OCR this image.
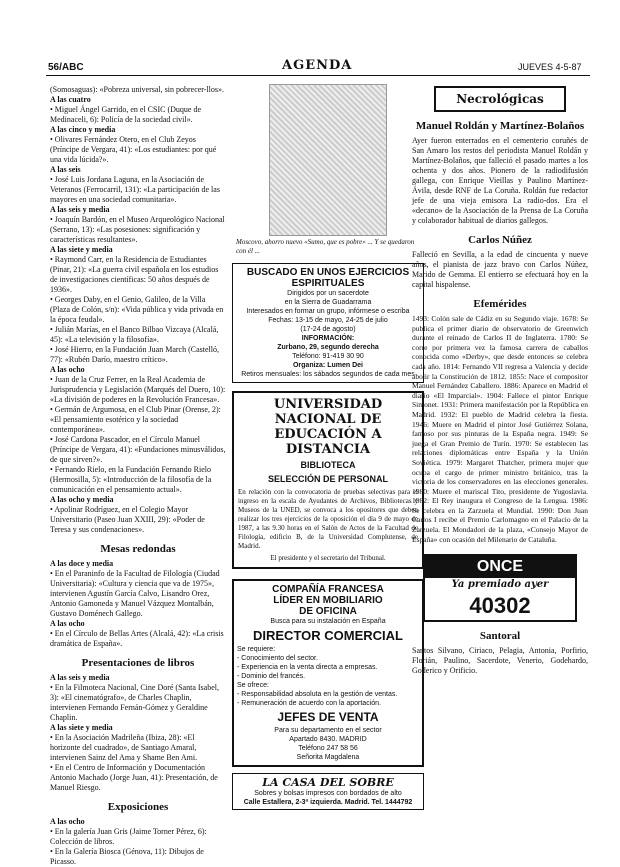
56/ABC	AGENDA	JUEVES 4-5-87

(Somosaguas): «Pobreza universal, sin pobrecer-llos».

A las cuatro

• Miguel Ángel Garrido, en el CSIC (Duque de Medinaceli, 6): Policía de la sociedad civil».

A las cinco y media

• Olivares Fernández Otero, en el Club Zeyos (Príncipe de Vergara, 41): «Los estudiantes: por qué una vida lúcida?».

A las seis

• José Luis Jordana Laguna, en la Asociación de Veteranos (Ferrocarril, 131): «La participación de las mayores en una sociedad comunitaria».

A las seis y media

• Joaquín Bardón, en el Museo Arqueológico Nacional (Serrano, 13): «Las posesiones: significación y características resultantes».

A las siete y media

• Raymond Carr, en la Residencia de Estudiantes (Pinar, 21): «La guerra civil española en los estudios de investigaciones científicas: 50 años después de 1936».

• Georges Daby, en el Genio, Galileo, de la Villa (Plaza de Colón, s/n): «Vida pública y vida privada en la época feudal».

• Julián Marías, en el Banco Bilbao Vizcaya (Alcalá, 45): «La televisión y la filosofía».

• José Hierro, en la Fundación Juan March (Castelló, 77): «Rubén Darío, maestro crítico».

A las ocho

• Juan de la Cruz Ferrer, en la Real Academia de Jurisprudencia y Legislación (Marqués del Duero, 10): «La división de poderes en la Revolución Francesa».

• Germán de Argumosa, en el Club Pinar (Orense, 2): «El pensamiento esotérico y la sociedad contemporánea».

• José Cardona Pascador, en el Círculo Manuel (Príncipe de Vergara, 41): «Fundaciones minusválidos, de que sirven?».

• Fernando Rielo, en la Fundación Fernando Rielo (Hermosilla, 5): «Introducción de la filosofía de la comunicación en el pensamiento actual».

A las ocho y media

• Apolinar Rodríguez, en el Colegio Mayor Universitario (Paseo Juan XXIII, 29): «Poder de Teresa y sus condenaciones».

Mesas redondas

A las doce y media

• En el Paraninfo de la Facultad de Filología (Ciudad Universitaria): «Cultura y ciencia que va de 1975», intervienen Agustín García Calvo, Lisandro Orez, Antonio Gamoneda y Manuel Vázquez Montalbán, Gustavo Doménech Gallego.

A las ocho

• En el Círculo de Bellas Artes (Alcalá, 42): «La crisis dramática de España».

Presentaciones de libros

A las seis y media

• En la Filmoteca Nacional, Cine Doré (Santa Isabel, 3): «El cinematógrafo», de Charles Chaplin, intervienen Fernando Fernán-Gómez y Geraldine Chaplin.

A las siete y media

• En la Asociación Madrileña (Ibiza, 28): «El horizonte del cuadrado», de Santiago Amaral, intervienen Sainz del Ama y Shame Ben Ami.

• En el Centro de Información y Documentación Antonio Machado (Jorge Juan, 41): Presentación, de Manuel Riesgo.

Exposiciones

A las ocho

• En la galería Juan Gris (Jaime Torner Pérez, 6): Colección de libros.

• En la Galería Biosca (Génova, 11): Dibujos de Picasso.

Moscovo, ahorro nuevo «Sumo, que es pobre» ... Y se quedaron con él ...
BUSCADO EN UNOS EJERCICIOS ESPIRITUALES
Dirigidos por un sacerdote
en la Sierra de Guadarrama
Interesados en formar un grupo, infórmese o escriba
Fechas: 13-15 de mayo, 24-25 de julio
(17-24 de agosto)
INFORMACIÓN:
Zurbano, 29, segundo derecha
Teléfono: 91-419 30 90
Organiza: Lumen Dei
Retiros mensuales: los sábados segundos de cada mes
UNIVERSIDAD NACIONAL DE EDUCACIÓN A DISTANCIA
BIBLIOTECA
SELECCIÓN DE PERSONAL

En relación con la convocatoria de pruebas selectivas para el ingreso en la escala de Ayudantes de Archivos, Bibliotecas y Museos de la UNED, se convoca a los opositores que deben realizar los tres ejercicios de la oposición el día 9 de mayo de 1987, a las 9.30 horas en el Salón de Actos de la Facultad de Filología, edificio B, de la Universidad Complutense, de Madrid.

El presidente y el secretario del Tribunal.

COMPAÑÍA FRANCESA
LÍDER EN MOBILIARIO
DE OFICINA
Busca para su instalación en España
DIRECTOR COMERCIAL
Se requiere:
- Conocimiento del sector.
- Experiencia en la venta directa a empresas.
- Dominio del francés.
Se ofrece:
- Responsabilidad absoluta en la gestión de ventas.
- Remuneración de acuerdo con la aportación.
JEFES DE VENTA
Para su departamento en el sector
Apartado 8430. MADRID
Teléfono 247 58 56
Señorita Magdalena
LA CASA DEL SOBRE
Sobres y bolsas impresos con bordados de alto
Calle Estallera, 2-3ª izquierda. Madrid. Tel. 1444792
Necrológicas
Manuel Roldán y Martínez-Bolaños

Ayer fueron enterrados en el cementerio coruñés de San Amaro los restos del periodista Manuel Roldán y Martínez-Bolaños, que falleció el pasado martes a los ochenta y dos años. Pionero de la radiodifusión gallega, con Enrique Vieillas y Paulino Martínez-Ávila, desde RNF de La Coruña. Roldán fue redactor jefe de una vieja emisora La radio-dos. Era el «decano» de la Asociación de la Prensa de La Coruña y colaborador habitual de diarios gallegos.

Carlos Núñez

Falleció en Sevilla, a la edad de cincuenta y nueve años, el pianista de jazz bravo con Carlos Núñez, Marido de Gemma. El entierro se efectuará hoy en la capital hispalense.

Efemérides

1493: Colón sale de Cádiz en su Segundo viaje. 1678: Se publica el primer diario de observatorio de Greenwich durante el reinado de Carlos II de Inglaterra. 1780: Se corre por primera vez la famosa carrera de caballos conocida como «Derby», que desde entonces se celebra cada año. 1814: Fernando VII regresa a Valencia y decide abolir la Constitución de 1812. 1855: Nace el compositor Manuel Fernández Caballero. 1886: Aparece en Madrid el diario «El Imparcial». 1904: Fallece el pintor Enrique Simonet. 1931: Primera manifestación por la República en Madrid. 1932: El pueblo de Madrid celebra la fiesta. 1946: Muere en Madrid el pintor José Gutiérrez Solana, famoso por sus pinturas de la España negra. 1949: Se juega el Gran Premio de Turín. 1970: Se establecen las relaciones diplomáticas entre España y la Unión Soviética. 1979: Margaret Thatcher, primera mujer que ocupa el cargo de primer ministro británico, tras la victoria de los conservadores en las elecciones generales. 1980: Muere el mariscal Tito, presidente de Yugoslavia. 1982: El Rey inaugura el Congreso de la Lengua. 1986: Se celebra en la Zarzuela el Mundial. 1990: Don Juan Carlos I recibe el Premio Carlomagno en el Palacio de la Zarzuela. El Mondadori de la plaza, «Consejo Mayor de España» con ocasión del Milenario de Cataluña.

ONCE
Ya premiado ayer
40302
Santoral

Santos Silvano, Ciriaco, Pelagia, Antonia, Porfirio, Florián, Paulino, Sacerdote, Venerio, Godehardo, Goderico y Orificio.
